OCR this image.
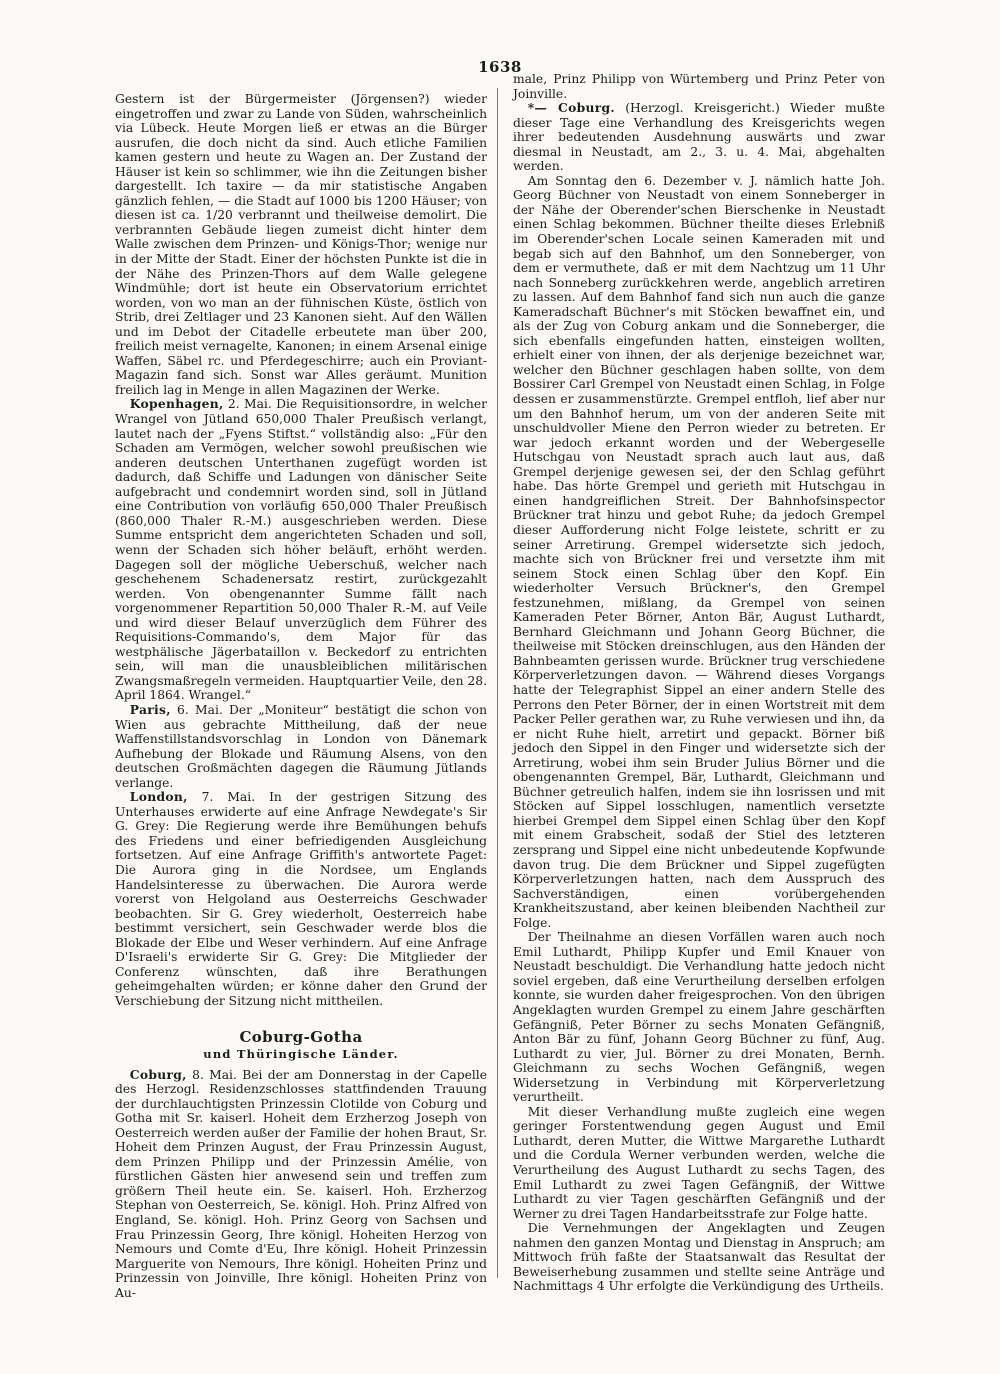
1638

Gestern ist der Bürgermeister (Jörgensen?) wieder eingetroffen und zwar zu Lande von Süden, wahrscheinlich via Lübeck. Heute Morgen ließ er etwas an die Bürger ausrufen, die doch nicht da sind. Auch etliche Familien kamen gestern und heute zu Wagen an. Der Zustand der Häuser ist kein so schlimmer, wie ihn die Zeitungen bisher dargestellt. Ich taxire — da mir statistische Angaben gänzlich fehlen, — die Stadt auf 1000 bis 1200 Häuser; von diesen ist ca. 1/20 verbrannt und theilweise demolirt. Die verbrannten Gebäude liegen zumeist dicht hinter dem Walle zwischen dem Prinzen- und Königs-Thor; wenige nur in der Mitte der Stadt. Einer der höchsten Punkte ist die in der Nähe des Prinzen-Thors auf dem Walle gelegene Windmühle; dort ist heute ein Observatorium errichtet worden, von wo man an der fühnischen Küste, östlich von Strib, drei Zeltlager und 23 Kanonen sieht. Auf den Wällen und im Debot der Citadelle erbeutete man über 200, freilich meist vernagelte, Kanonen; in einem Arsenal einige Waffen, Säbel rc. und Pferdegeschirre; auch ein Proviant-Magazin fand sich. Sonst war Alles geräumt. Munition freilich lag in Menge in allen Magazinen der Werke.

Kopenhagen, 2. Mai. Die Requisitionsordre, in welcher Wrangel von Jütland 650,000 Thaler Preußisch verlangt, lautet nach der „Fyens Stiftst.“ vollständig also: „Für den Schaden am Vermögen, welcher sowohl preußischen wie anderen deutschen Unterthanen zugefügt worden ist dadurch, daß Schiffe und Ladungen von dänischer Seite aufgebracht und condemnirt worden sind, soll in Jütland eine Contribution von vorläufig 650,000 Thaler Preußisch (860,000 Thaler R.-M.) ausgeschrieben werden. Diese Summe entspricht dem angerichteten Schaden und soll, wenn der Schaden sich höher beläuft, erhöht werden. Dagegen soll der mögliche Ueberschuß, welcher nach geschehenem Schadenersatz restirt, zurückgezahlt werden. Von obengenannter Summe fällt nach vorgenommener Repartition 50,000 Thaler R.-M. auf Veile und wird dieser Belauf unverzüglich dem Führer des Requisitions-Commando's, dem Major für das westphälische Jägerbataillon v. Beckedorf zu entrichten sein, will man die unausbleiblichen militärischen Zwangsmaßregeln vermeiden. Hauptquartier Veile, den 28. April 1864. Wrangel.“

Paris, 6. Mai. Der „Moniteur“ bestätigt die schon von Wien aus gebrachte Mittheilung, daß der neue Waffenstillstandsvorschlag in London von Dänemark Aufhebung der Blokade und Räumung Alsens, von den deutschen Großmächten dagegen die Räumung Jütlands verlange.

London, 7. Mai. In der gestrigen Sitzung des Unterhauses erwiderte auf eine Anfrage Newdegate's Sir G. Grey: Die Regierung werde ihre Bemühungen behufs des Friedens und einer befriedigenden Ausgleichung fortsetzen. Auf eine Anfrage Griffith's antwortete Paget: Die Aurora ging in die Nordsee, um Englands Handelsinteresse zu überwachen. Die Aurora werde vorerst von Helgoland aus Oesterreichs Geschwader beobachten. Sir G. Grey wiederholt, Oesterreich habe bestimmt versichert, sein Geschwader werde blos die Blokade der Elbe und Weser verhindern. Auf eine Anfrage D'Israeli's erwiderte Sir G. Grey: Die Mitglieder der Conferenz wünschten, daß ihre Berathungen geheimgehalten würden; er könne daher den Grund der Verschiebung der Sitzung nicht mittheilen.

Coburg-Gotha
und Thüringische Länder.

Coburg, 8. Mai. Bei der am Donnerstag in der Capelle des Herzogl. Residenzschlosses stattfindenden Trauung der durchlauchtigsten Prinzessin Clotilde von Coburg und Gotha mit Sr. kaiserl. Hoheit dem Erzherzog Joseph von Oesterreich werden außer der Familie der hohen Braut, Sr. Hoheit dem Prinzen August, der Frau Prinzessin August, dem Prinzen Philipp und der Prinzessin Amélie, von fürstlichen Gästen hier anwesend sein und treffen zum größern Theil heute ein. Se. kaiserl. Hoh. Erzherzog Stephan von Oesterreich, Se. königl. Hoh. Prinz Alfred von England, Se. königl. Hoh. Prinz Georg von Sachsen und Frau Prinzessin Georg, Ihre königl. Hoheiten Herzog von Nemours und Comte d'Eu, Ihre königl. Hoheit Prinzessin Marguerite von Nemours, Ihre königl. Hoheiten Prinz und Prinzessin von Joinville, Ihre königl. Hoheiten Prinz von Au-

male, Prinz Philipp von Würtemberg und Prinz Peter von Joinville.

*— Coburg. (Herzogl. Kreisgericht.) Wieder mußte dieser Tage eine Verhandlung des Kreisgerichts wegen ihrer bedeutenden Ausdehnung auswärts und zwar diesmal in Neustadt, am 2., 3. u. 4. Mai, abgehalten werden.

Am Sonntag den 6. Dezember v. J. nämlich hatte Joh. Georg Büchner von Neustadt von einem Sonneberger in der Nähe der Oberender'schen Bierschenke in Neustadt einen Schlag bekommen. Büchner theilte dieses Erlebniß im Oberender'schen Locale seinen Kameraden mit und begab sich auf den Bahnhof, um den Sonneberger, von dem er vermuthete, daß er mit dem Nachtzug um 11 Uhr nach Sonneberg zurückkehren werde, angeblich arretiren zu lassen. Auf dem Bahnhof fand sich nun auch die ganze Kameradschaft Büchner's mit Stöcken bewaffnet ein, und als der Zug von Coburg ankam und die Sonneberger, die sich ebenfalls eingefunden hatten, einsteigen wollten, erhielt einer von ihnen, der als derjenige bezeichnet war, welcher den Büchner geschlagen haben sollte, von dem Bossirer Carl Grempel von Neustadt einen Schlag, in Folge dessen er zusammenstürzte. Grempel entfloh, lief aber nur um den Bahnhof herum, um von der anderen Seite mit unschuldvoller Miene den Perron wieder zu betreten. Er war jedoch erkannt worden und der Webergeselle Hutschgau von Neustadt sprach auch laut aus, daß Grempel derjenige gewesen sei, der den Schlag geführt habe. Das hörte Grempel und gerieth mit Hutschgau in einen handgreiflichen Streit. Der Bahnhofsinspector Brückner trat hinzu und gebot Ruhe; da jedoch Grempel dieser Aufforderung nicht Folge leistete, schritt er zu seiner Arretirung. Grempel widersetzte sich jedoch, machte sich von Brückner frei und versetzte ihm mit seinem Stock einen Schlag über den Kopf. Ein wiederholter Versuch Brückner's, den Grempel festzunehmen, mißlang, da Grempel von seinen Kameraden Peter Börner, Anton Bär, August Luthardt, Bernhard Gleichmann und Johann Georg Büchner, die theilweise mit Stöcken dreinschlugen, aus den Händen der Bahnbeamten gerissen wurde. Brückner trug verschiedene Körperverletzungen davon. — Während dieses Vorgangs hatte der Telegraphist Sippel an einer andern Stelle des Perrons den Peter Börner, der in einen Wortstreit mit dem Packer Peller gerathen war, zu Ruhe verwiesen und ihn, da er nicht Ruhe hielt, arretirt und gepackt. Börner biß jedoch den Sippel in den Finger und widersetzte sich der Arretirung, wobei ihm sein Bruder Julius Börner und die obengenannten Grempel, Bär, Luthardt, Gleichmann und Büchner getreulich halfen, indem sie ihn losrissen und mit Stöcken auf Sippel losschlugen, namentlich versetzte hierbei Grempel dem Sippel einen Schlag über den Kopf mit einem Grabscheit, sodaß der Stiel des letzteren zersprang und Sippel eine nicht unbedeutende Kopfwunde davon trug. Die dem Brückner und Sippel zugefügten Körperverletzungen hatten, nach dem Ausspruch des Sachverständigen, einen vorübergehenden Krankheitszustand, aber keinen bleibenden Nachtheil zur Folge.

Der Theilnahme an diesen Vorfällen waren auch noch Emil Luthardt, Philipp Kupfer und Emil Knauer von Neustadt beschuldigt. Die Verhandlung hatte jedoch nicht soviel ergeben, daß eine Verurtheilung derselben erfolgen konnte, sie wurden daher freigesprochen. Von den übrigen Angeklagten wurden Grempel zu einem Jahre geschärften Gefängniß, Peter Börner zu sechs Monaten Gefängniß, Anton Bär zu fünf, Johann Georg Büchner zu fünf, Aug. Luthardt zu vier, Jul. Börner zu drei Monaten, Bernh. Gleichmann zu sechs Wochen Gefängniß, wegen Widersetzung in Verbindung mit Körperverletzung verurtheilt.

Mit dieser Verhandlung mußte zugleich eine wegen geringer Forstentwendung gegen August und Emil Luthardt, deren Mutter, die Wittwe Margarethe Luthardt und die Cordula Werner verbunden werden, welche die Verurtheilung des August Luthardt zu sechs Tagen, des Emil Luthardt zu zwei Tagen Gefängniß, der Wittwe Luthardt zu vier Tagen geschärften Gefängniß und der Werner zu drei Tagen Handarbeitsstrafe zur Folge hatte.

Die Vernehmungen der Angeklagten und Zeugen nahmen den ganzen Montag und Dienstag in Anspruch; am Mittwoch früh faßte der Staatsanwalt das Resultat der Beweiserhebung zusammen und stellte seine Anträge und Nachmittags 4 Uhr erfolgte die Verkündigung des Urtheils.
